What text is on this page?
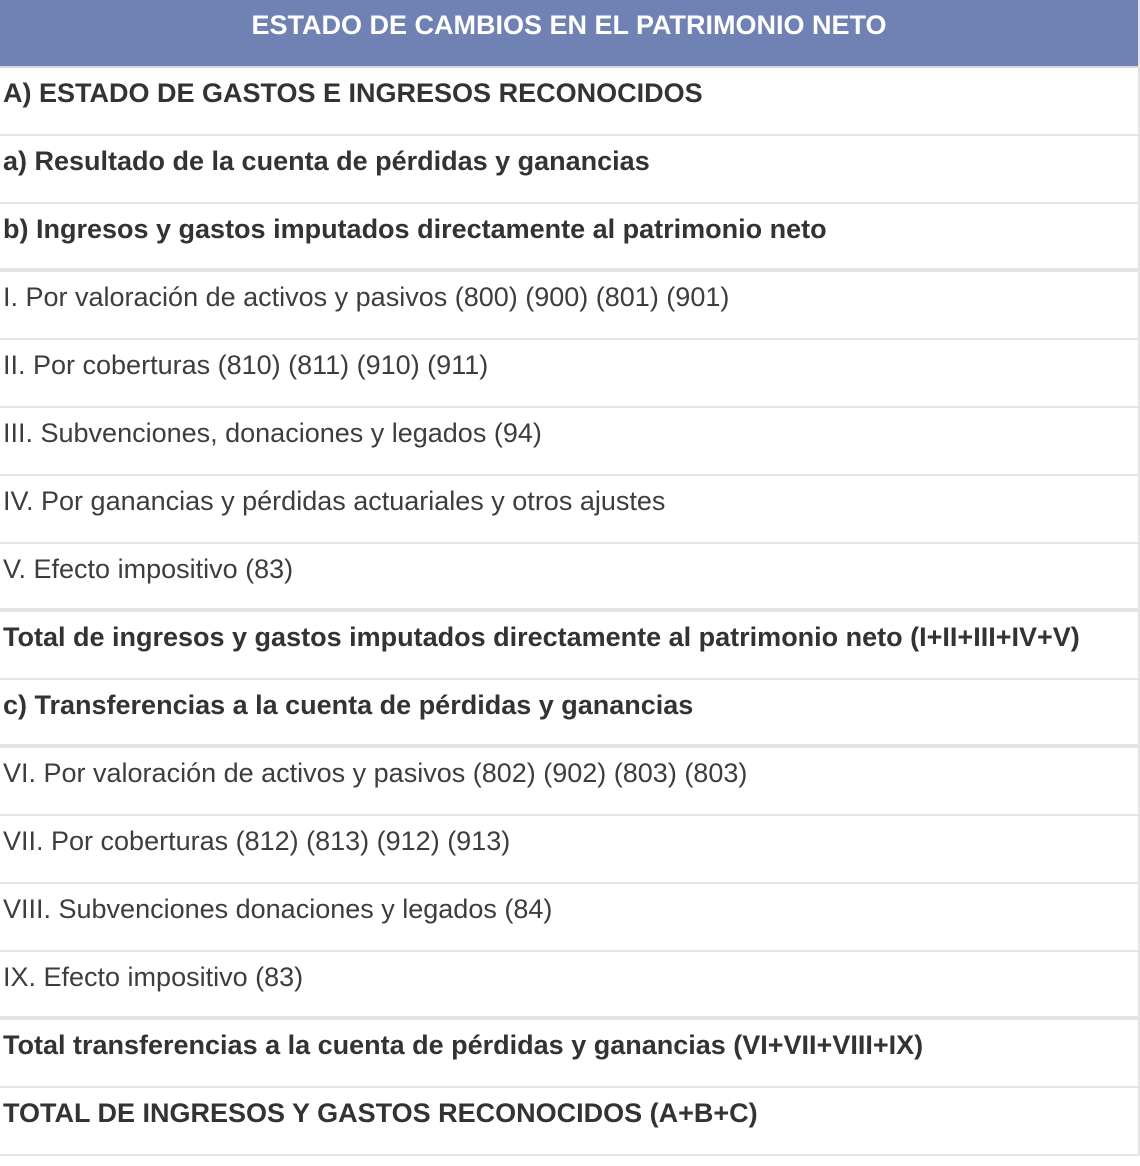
ESTADO DE CAMBIOS EN EL PATRIMONIO NETO
A) ESTADO DE GASTOS E INGRESOS RECONOCIDOS
a) Resultado de la cuenta de pérdidas y ganancias
b) Ingresos y gastos imputados directamente al patrimonio neto
I. Por valoración de activos y pasivos (800) (900) (801) (901)
II. Por coberturas (810) (811) (910) (911)
III. Subvenciones, donaciones y legados (94)
IV. Por ganancias y pérdidas actuariales y otros ajustes
V. Efecto impositivo (83)
Total de ingresos y gastos imputados directamente al patrimonio neto (I+II+III+IV+V)
c) Transferencias a la cuenta de pérdidas y ganancias
VI. Por valoración de activos y pasivos (802) (902) (803) (803)
VII. Por coberturas (812) (813) (912) (913)
VIII. Subvenciones donaciones y legados (84)
IX. Efecto impositivo (83)
Total transferencias a la cuenta de pérdidas y ganancias (VI+VII+VIII+IX)
TOTAL DE INGRESOS Y GASTOS RECONOCIDOS (A+B+C)
